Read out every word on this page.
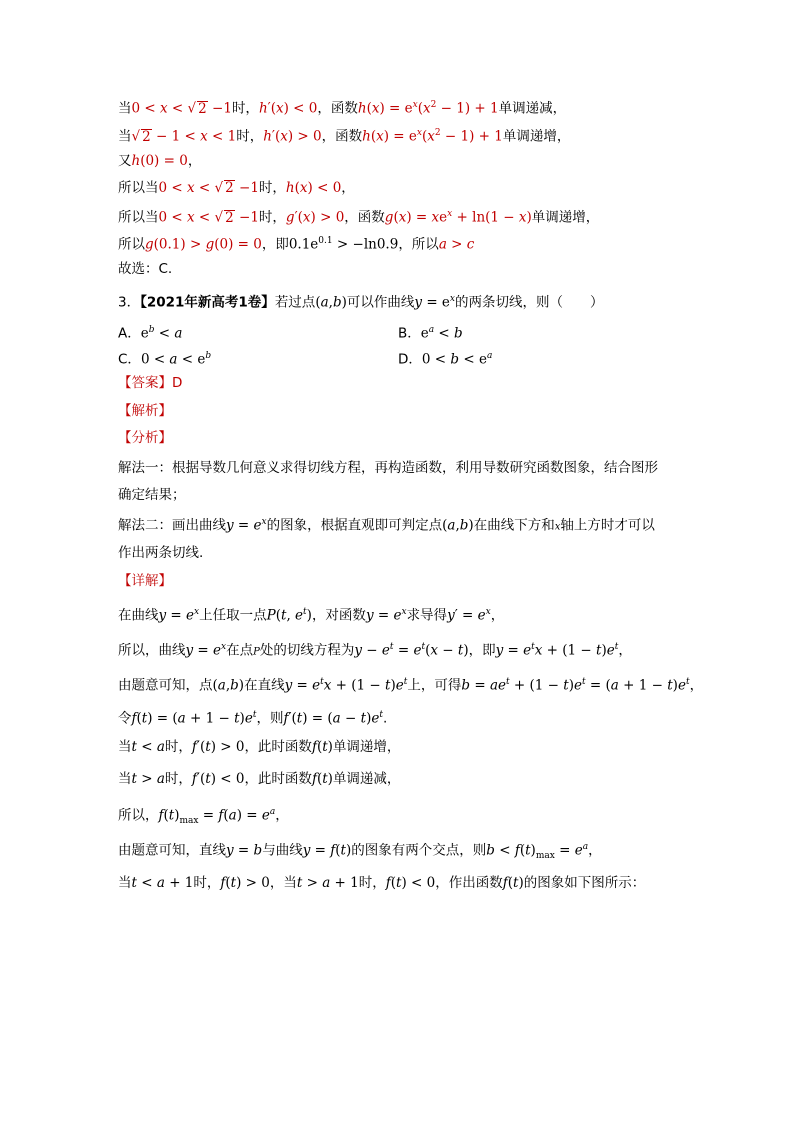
当0 < x < √ 2 −1时，h′(x) < 0，函数$h(x) = e^x(x^2 - 1) + 1$单调递减，
当√ 2 − 1 < x < 1时，h′(x) > 0，函数$h(x) = e^x(x^2 - 1) + 1$单调递增，
又h(0) = 0，
所以当0 < x < √ 2 −1时，h(x) < 0，
所以当0 < x < √ 2 −1时，g′(x) > 0，函数$g(x) = xe^x + \ln(1 - x)$单调递增，
所以g(0.1) > g(0) = 0，即$0.1e^{0.1} > -\ln 0.9$，所以a > c
故选：C.
3．【2021年新高考1卷】若过点(a,b)可以作曲线$y = e^x$的两条切线，则（　　）
A．$e^b < a$	B．$e^a < b$
C．$0 < a < e^b$	D．$0 < b < e^a$
【答案】D
【解析】
【分析】
解法一：根据导数几何意义求得切线方程，再构造函数，利用导数研究函数图象，结合图形
确定结果；
解法二：画出曲线$y = e^x$的图象，根据直观即可判定点(a,b)在曲线下方和x轴上方时才可以
作出两条切线.
【详解】
在曲线$y = e^x$上任取一点P(t, $e^t$)，对函数$y = e^x$求导得$y' = e^x$，
所以，曲线$y = e^x$在点P处的切线方程为$y - e^t = e^t(x - t)$，即$y = e^tx + (1 - t)e^t$，
由题意可知，点(a,b)在直线$y = e^tx + (1 - t)e^t$上，可得$b = ae^t + (1 - t)e^t = (a + 1 - t)e^t$，
令$f(t) = (a + 1 - t)e^t$，则$f'(t) = (a - t)e^t$.
当t < a时，f′(t) > 0，此时函数f(t)单调递增，
当t > a时，f′(t) < 0，此时函数f(t)单调递减，
所以，$f(t)_{max} = f(a) = e^a$，
由题意可知，直线y = b与曲线y = f(t)的图象有两个交点，则$b < f(t)_{max} = e^a$，
当t < a + 1时，f(t) > 0，当t > a + 1时，f(t) < 0，作出函数f(t)的图象如下图所示：
